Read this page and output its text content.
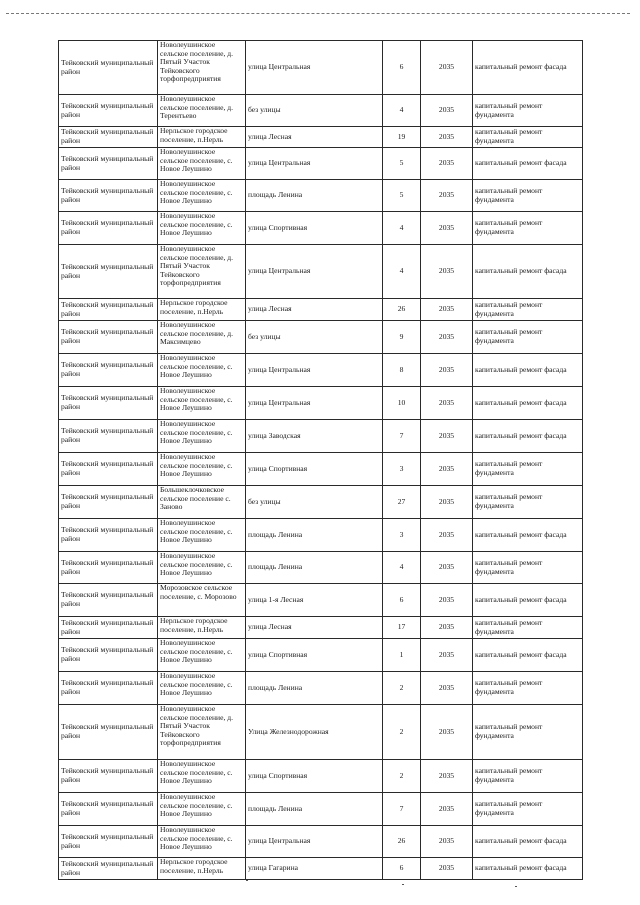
Тейковский муниципальный район	Новолеушинское сельское поселение, д. Пятый Участок Тейковского торфопредприятия	улица Центральная	6	2035	капитальный ремонт фасада
Тейковский муниципальный район	Новолеушинское сельское поселение, д. Терентьево	без улицы	4	2035	капитальный ремонт фундамента
Тейковский муниципальный район	Нерльское городское поселение, п.Нерль	улица Лесная	19	2035	капитальный ремонт фундамента
Тейковский муниципальный район	Новолеушинское сельское поселение, с. Новое Леушино	улица Центральная	5	2035	капитальный ремонт фасада
Тейковский муниципальный район	Новолеушинское сельское поселение, с. Новое Леушино	площадь Ленина	5	2035	капитальный ремонт фундамента
Тейковский муниципальный район	Новолеушинское сельское поселение, с. Новое Леушино	улица Спортивная	4	2035	капитальный ремонт фундамента
Тейковский муниципальный район	Новолеушинское сельское поселение, д. Пятый Участок Тейковского торфопредприятия	улица Центральная	4	2035	капитальный ремонт фасада
Тейковский муниципальный район	Нерльское городское поселение, п.Нерль	улица Лесная	26	2035	капитальный ремонт фундамента
Тейковский муниципальный район	Новолеушинское сельское поселение, д. Максимцево	без улицы	9	2035	капитальный ремонт фундамента
Тейковский муниципальный район	Новолеушинское сельское поселение, с. Новое Леушино	улица Центральная	8	2035	капитальный ремонт фасада
Тейковский муниципальный район	Новолеушинское сельское поселение, с. Новое Леушино	улица Центральная	10	2035	капитальный ремонт фасада
Тейковский муниципальный район	Новолеушинское сельское поселение, с. Новое Леушино	улица Заводская	7	2035	капитальный ремонт фасада
Тейковский муниципальный район	Новолеушинское сельское поселение, с. Новое Леушино	улица Спортивная	3	2035	капитальный ремонт фундамента
Тейковский муниципальный район	Большеклочковское сельское поселение с. Заново	без улицы	27	2035	капитальный ремонт фундамента
Тейковский муниципальный район	Новолеушинское сельское поселение, с. Новое Леушино	площадь Ленина	3	2035	капитальный ремонт фасада
Тейковский муниципальный район	Новолеушинское сельское поселение, с. Новое Леушино	площадь Ленина	4	2035	капитальный ремонт фундамента
Тейковский муниципальный район	Морозовское сельское поселение, с. Морозово	улица 1-я Лесная	6	2035	капитальный ремонт фасада
Тейковский муниципальный район	Нерльское городское поселение, п.Нерль	улица Лесная	17	2035	капитальный ремонт фундамента
Тейковский муниципальный район	Новолеушинское сельское поселение, с. Новое Леушино	улица Спортивная	1	2035	капитальный ремонт фасада
Тейковский муниципальный район	Новолеушинское сельское поселение, с. Новое Леушино	площадь Ленина	2	2035	капитальный ремонт фундамента
Тейковский муниципальный район	Новолеушинское сельское поселение, д. Пятый Участок Тейковского торфопредприятия	Улица Железнодорожная	2	2035	капитальный ремонт фундамента
Тейковский муниципальный район	Новолеушинское сельское поселение, с. Новое Леушино	улица Спортивная	2	2035	капитальный ремонт фундамента
Тейковский муниципальный район	Новолеушинское сельское поселение, с. Новое Леушино	площадь Ленина	7	2035	капитальный ремонт фундамента
Тейковский муниципальный район	Новолеушинское сельское поселение, с. Новое Леушино	улица Центральная	26	2035	капитальный ремонт фасада
Тейковский муниципальный район	Нерльское городское поселение, п.Нерль	улица Гагарина	6	2035	капитальный ремонт фасада
